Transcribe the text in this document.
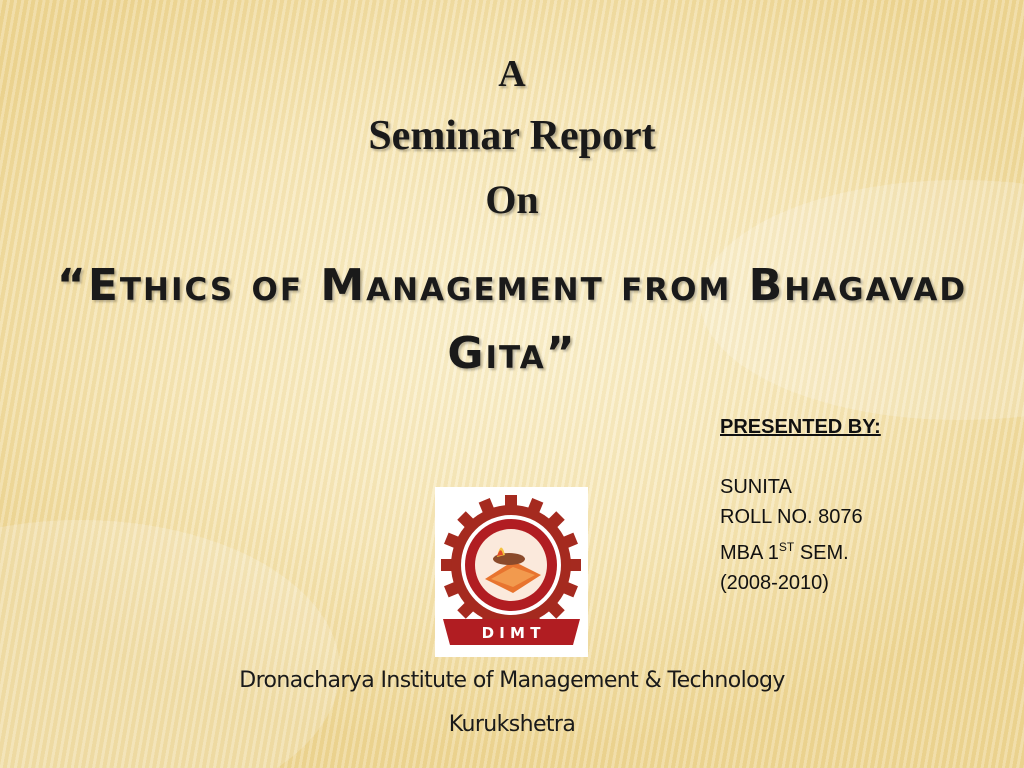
A
Seminar Report
On
“Ethics of Management from Bhagavad Gita”
PRESENTED BY:
SUNITA
ROLL NO. 8076
MBA 1ST SEM.
(2008-2010)
D I M T
Dronacharya Institute of Management & Technology
Kurukshetra
